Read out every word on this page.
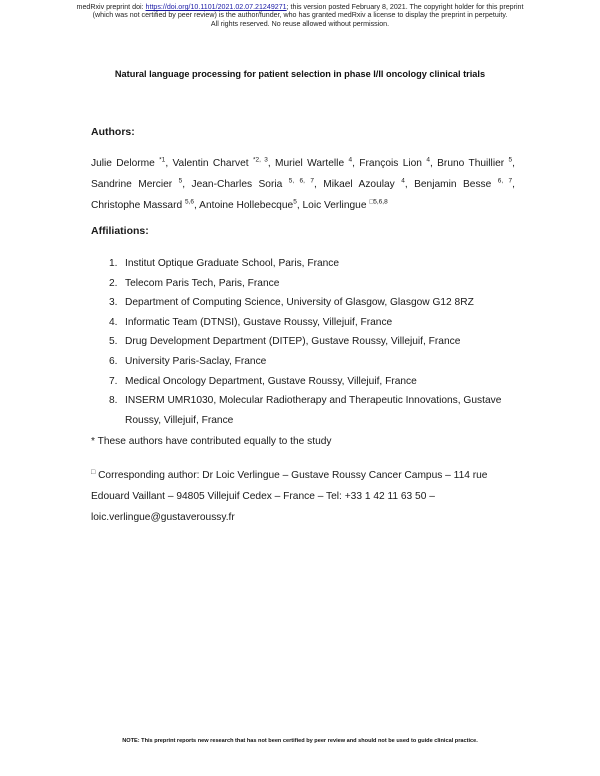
medRxiv preprint doi: https://doi.org/10.1101/2021.02.07.21249271; this version posted February 8, 2021. The copyright holder for this preprint
(which was not certified by peer review) is the author/funder, who has granted medRxiv a license to display the preprint in perpetuity.
All rights reserved. No reuse allowed without permission.
Natural language processing for patient selection in phase I/II oncology clinical trials
Authors:
Julie Delorme $^{*1}$, Valentin Charvet $^{*2, 3}$, Muriel Wartelle $^4$, François Lion $^4$, Bruno Thuillier $^5$, Sandrine Mercier $^5$, Jean-Charles Soria $^{5, 6, 7}$, Mikael Azoulay $^4$, Benjamin Besse $^{6, 7}$, Christophe Massard $^{5,6}$, Antoine Hollebecque$^5$, Loic Verlingue $^{□5,6,8}$
Affiliations:
1. Institut Optique Graduate School, Paris, France
2. Telecom Paris Tech, Paris, France
3. Department of Computing Science, University of Glasgow, Glasgow G12 8RZ
4. Informatic Team (DTNSI), Gustave Roussy, Villejuif, France
5. Drug Development Department (DITEP), Gustave Roussy, Villejuif, France
6. University Paris-Saclay, France
7. Medical Oncology Department, Gustave Roussy, Villejuif, France
8. INSERM UMR1030, Molecular Radiotherapy and Therapeutic Innovations, Gustave Roussy, Villejuif, France
* These authors have contributed equally to the study
□ Corresponding author: Dr Loic Verlingue – Gustave Roussy Cancer Campus – 114 rue Edouard Vaillant – 94805 Villejuif Cedex – France – Tel: +33 1 42 11 63 50 – loic.verlingue@gustaveroussy.fr
NOTE: This preprint reports new research that has not been certified by peer review and should not be used to guide clinical practice.
